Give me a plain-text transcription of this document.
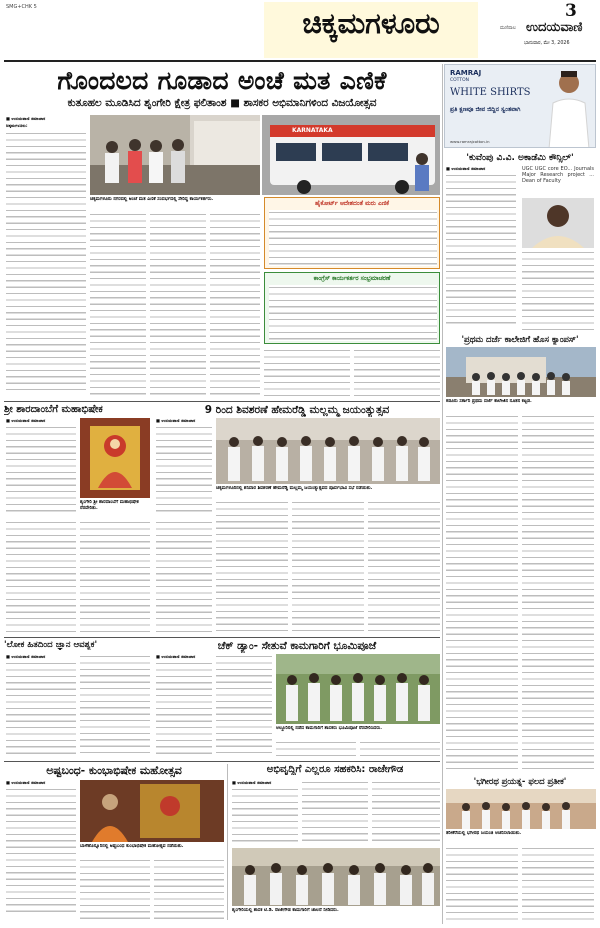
SMG+CHK 5	ಚಿಕ್ಕಮಗಳೂರು	3
ಮಣಿಪಾಲ ಉದಯವಾಣಿ
ಭಾನುವಾರ, ಮೇ 3, 2026
ಗೊಂದಲದ ಗೂಡಾದ ಅಂಚೆ ಮತ ಎಣಿಕೆ
ಕುತೂಹಲ ಮೂಡಿಸಿದ ಶೃಂಗೇರಿ ಕ್ಷೇತ್ರ ಫಲಿತಾಂಶ ■ ಶಾಸಕರ ಅಭಿಮಾನಿಗಳಿಂದ ವಿಜಯೋತ್ಸವ
■ ಉದಯವಾಣಿ ಸಮಾಚಾರ
ಚಿಕ್ಕಮಗಳೂರು:
KARNATAKA
ಚಿಕ್ಕಮಗಳೂರು ನಗರದಲ್ಲಿ ಅಂಚೆ ಮತ ಎಣಿಕೆ ಸಂದರ್ಭದಲ್ಲಿ ಸೇರಿದ್ದ ಕಾರ್ಯಕರ್ತರು.
ಹೈಕೋರ್ಟ್ ಆದೇಶದಂತೆ ಮರು ಎಣಿಕೆ
ಕಾಂಗ್ರೆಸ್ ಕಾರ್ಯಕರ್ತರ ಸಂಭ್ರಮಾಚರಣೆ
RAMRAJ
COTTON
WHITE SHIRTS
ಪ್ರತಿ ಕ್ಷಣವೂ ಜೀವ ಜಿದ್ದಿನ ಸ್ವಂತವಾಗಿ
www.ramrajcotton.in
'ಕುವೆಂಪು ವಿ.ವಿ. ಅಕಾಡೆಮಿ ಕೌನ್ಸಿಲ್'
■ ಉದಯವಾಣಿ ಸಮಾಚಾರ	UGC UGC core EO... Journals Major Research project ... Dean of Faculty
'ಪ್ರಥಮ ದರ್ಜೆ ಕಾಲೇಜಿಗೆ ಹೊಸ ಕ್ಯಾಂಪಸ್'
ಕಡೂರು ಸರ್ಕಾರಿ ಪ್ರಥಮ ದರ್ಜೆ ಕಾಲೇಜಿನ ನೂತನ ಕಟ್ಟಡ.
'ಭಗೀರಥ ಪ್ರಯತ್ನ- ಫಲದ ಪ್ರತೀಕ'
ತರೀಕೆರೆಯಲ್ಲಿ ಭಗೀರಥ ಜಯಂತಿ ಆಚರಿಸಲಾಯಿತು.
ಶ್ರೀ ಶಾರದಾಂಬೆಗೆ ಮಹಾಭಿಷೇಕ
■ ಉದಯವಾಣಿ ಸಮಾಚಾರ
ಶೃಂಗೇರಿ ಶ್ರೀ ಶಾರದಾಂಬೆಗೆ ಮಹಾಭಿಷೇಕ ನೆರವೇರಿತು.
9 ರಿಂದ ಶಿವಶರಣೆ ಹೇಮರೆಡ್ಡಿ ಮಲ್ಲಮ್ಮ ಜಯಂತ್ಯುತ್ಸವ
■ ಉದಯವಾಣಿ ಸಮಾಚಾರ
ಚಿಕ್ಕಮಗಳೂರಿನಲ್ಲಿ ಶನಿವಾರ ಶಿವಶರಣೆ ಹೇಮರೆಡ್ಡಿ ಮಲ್ಲಮ್ಮ ಜಯಂತ್ಯುತ್ಸವದ ಪೂರ್ವಭಾವಿ ಸಭೆ ನಡೆಯಿತು.
'ಲೋಕ ಹಿತದಿಂದ ಜ್ಞಾನ ಆವಶ್ಯಕ'
■ ಉದಯವಾಣಿ ಸಮಾಚಾರ
ಚೆಕ್ ಡ್ಯಾಂ- ಸೇತುವೆ ಕಾಮಗಾರಿಗೆ ಭೂಮಿಪೂಜೆ
■ ಉದಯವಾಣಿ ಸಮಾಚಾರ
ಆಲ್ದೂರಿನಲ್ಲಿ ನಡೆದ ಕಾಮಗಾರಿಗೆ ಶಾಸಕರು ಭೂಮಿಪೂಜೆ ನೆರವೇರಿಸಿದರು.
ಅಷ್ಟಬಂಧ- ಕುಂಭಾಭಿಷೇಕ ಮಹೋತ್ಸವ
■ ಉದಯವಾಣಿ ಸಮಾಚಾರ
ಬಾಳೆಹೊನ್ನೂರಿನಲ್ಲಿ ಅಷ್ಟಬಂಧ ಕುಂಭಾಭಿಷೇಕ ಮಹೋತ್ಸವ ನಡೆಯಿತು.
ಅಭಿವೃದ್ಧಿಗೆ ಎಲ್ಲರೂ ಸಹಕರಿಸಿ: ರಾಜೇಗೌಡ
■ ಉದಯವಾಣಿ ಸಮಾಚಾರ
ಶೃಂಗೇರಿಯಲ್ಲಿ ಶಾಸಕ ಟಿ.ಡಿ. ರಾಜೇಗೌಡ ಕಾಮಗಾರಿಗೆ ಚಾಲನೆ ನೀಡಿದರು.
